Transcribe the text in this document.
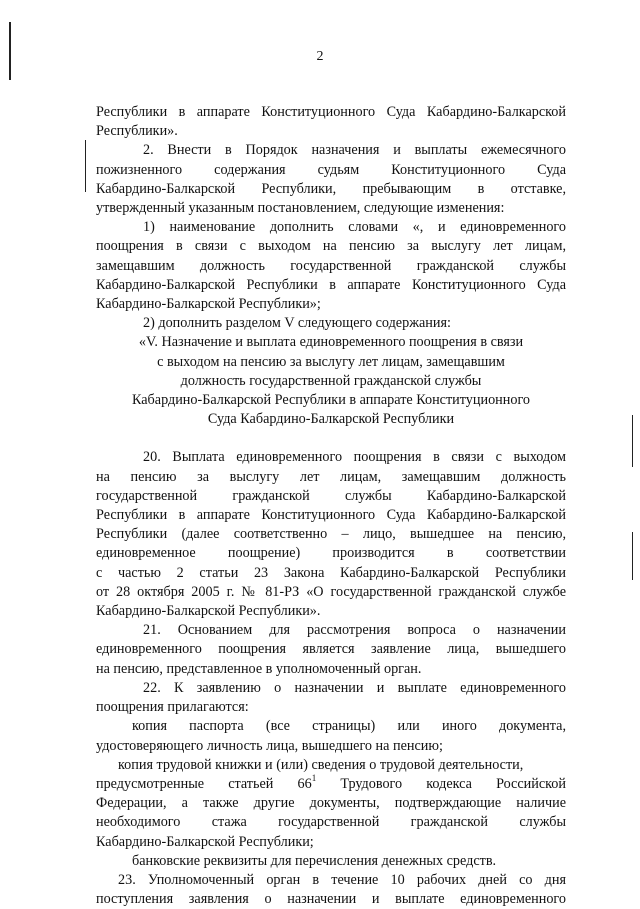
2

Республики в аппарате Конституционного Суда Кабардино-Балкарской

Республики».

2. Внести в Порядок назначения и выплаты ежемесячного

пожизненного содержания судьям Конституционного Суда

Кабардино-Балкарской Республики, пребывающим в отставке,

утвержденный указанным постановлением, следующие изменения:

1) наименование дополнить словами «, и единовременного

поощрения в связи с выходом на пенсию за выслугу лет лицам,

замещавшим должность государственной гражданской службы

Кабардино-Балкарской Республики в аппарате Конституционного Суда

Кабардино-Балкарской Республики»;

2) дополнить разделом V следующего содержания:

«V. Назначение и выплата единовременного поощрения в связи

с выходом на пенсию за выслугу лет лицам, замещавшим

должность государственной гражданской службы

Кабардино-Балкарской Республики в аппарате Конституционного

Суда Кабардино-Балкарской Республики

20. Выплата единовременного поощрения в связи с выходом

на пенсию за выслугу лет лицам, замещавшим должность

государственной гражданской службы Кабардино-Балкарской

Республики в аппарате Конституционного Суда Кабардино-Балкарской

Республики (далее соответственно – лицо, вышедшее на пенсию,

единовременное поощрение) производится в соответствии

с частью 2 статьи 23 Закона Кабардино-Балкарской Республики

от 28 октября 2005 г. № 81-РЗ «О государственной гражданской службе

Кабардино-Балкарской Республики».

21. Основанием для рассмотрения вопроса о назначении

единовременного поощрения является заявление лица, вышедшего

на пенсию, представленное в уполномоченный орган.

22. К заявлению о назначении и выплате единовременного

поощрения прилагаются:

копия паспорта (все страницы) или иного документа,

удостоверяющего личность лица, вышедшего на пенсию;

копия трудовой книжки и (или) сведения о трудовой деятельности,

предусмотренные статьей $66^1$ Трудового кодекса Российской

Федерации, а также другие документы, подтверждающие наличие

необходимого стажа государственной гражданской службы

Кабардино-Балкарской Республики;

банковские реквизиты для перечисления денежных средств.

23. Уполномоченный орган в течение 10 рабочих дней со дня

поступления заявления о назначении и выплате единовременного
